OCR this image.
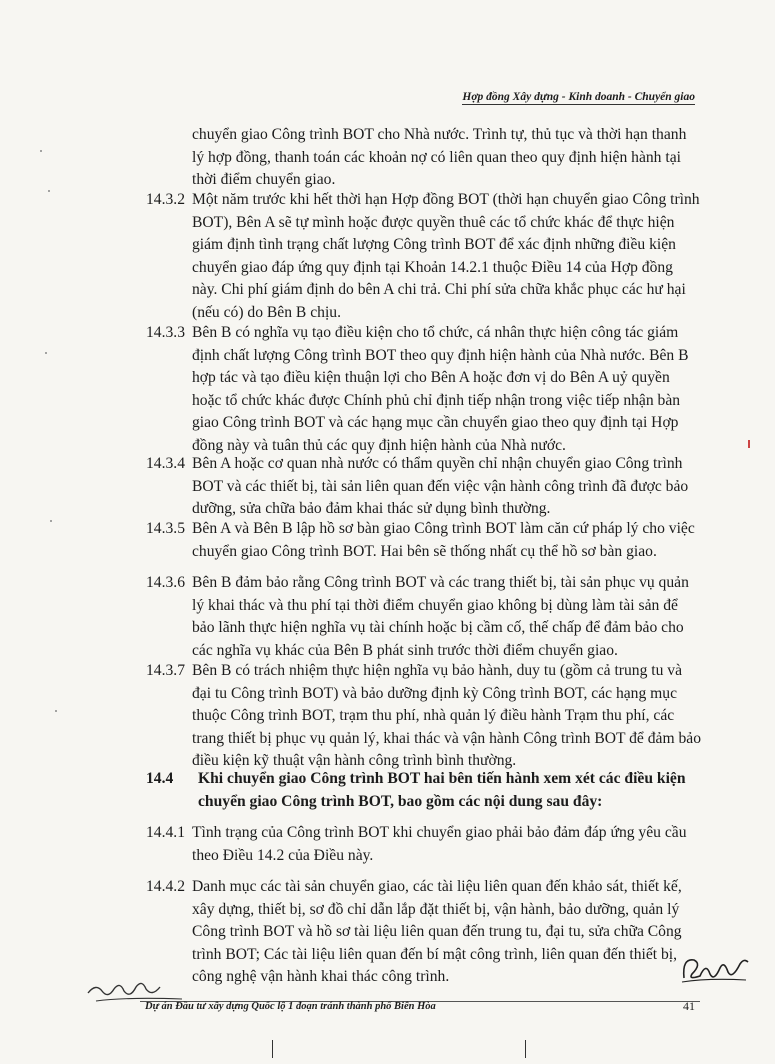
Hợp đồng Xây dựng - Kinh doanh - Chuyển giao
chuyển giao Công trình BOT cho Nhà nước. Trình tự, thủ tục và thời hạn thanh lý hợp đồng, thanh toán các khoản nợ có liên quan theo quy định hiện hành tại thời điểm chuyển giao.
14.3.2 Một năm trước khi hết thời hạn Hợp đồng BOT (thời hạn chuyển giao Công trình BOT), Bên A sẽ tự mình hoặc được quyền thuê các tổ chức khác để thực hiện giám định tình trạng chất lượng Công trình BOT để xác định những điều kiện chuyển giao đáp ứng quy định tại Khoản 14.2.1 thuộc Điều 14 của Hợp đồng này. Chi phí giám định do bên A chi trả. Chi phí sửa chữa khắc phục các hư hại (nếu có) do Bên B chịu.
14.3.3 Bên B có nghĩa vụ tạo điều kiện cho tổ chức, cá nhân thực hiện công tác giám định chất lượng Công trình BOT theo quy định hiện hành của Nhà nước. Bên B hợp tác và tạo điều kiện thuận lợi cho Bên A hoặc đơn vị do Bên A uỷ quyền hoặc tổ chức khác được Chính phủ chỉ định tiếp nhận trong việc tiếp nhận bàn giao Công trình BOT và các hạng mục cần chuyển giao theo quy định tại Hợp đồng này và tuân thủ các quy định hiện hành của Nhà nước.
14.3.4 Bên A hoặc cơ quan nhà nước có thẩm quyền chỉ nhận chuyển giao Công trình BOT và các thiết bị, tài sản liên quan đến việc vận hành công trình đã được bảo dưỡng, sửa chữa bảo đảm khai thác sử dụng bình thường.
14.3.5 Bên A và Bên B lập hồ sơ bàn giao Công trình BOT làm căn cứ pháp lý cho việc chuyển giao Công trình BOT. Hai bên sẽ thống nhất cụ thể hồ sơ bàn giao.
14.3.6 Bên B đảm bảo rằng Công trình BOT và các trang thiết bị, tài sản phục vụ quản lý khai thác và thu phí tại thời điểm chuyển giao không bị dùng làm tài sản để bảo lãnh thực hiện nghĩa vụ tài chính hoặc bị cầm cố, thế chấp để đảm bảo cho các nghĩa vụ khác của Bên B phát sinh trước thời điểm chuyển giao.
14.3.7 Bên B có trách nhiệm thực hiện nghĩa vụ bảo hành, duy tu (gồm cả trung tu và đại tu Công trình BOT) và bảo dưỡng định kỳ Công trình BOT, các hạng mục thuộc Công trình BOT, trạm thu phí, nhà quản lý điều hành Trạm thu phí, các trang thiết bị phục vụ quản lý, khai thác và vận hành Công trình BOT để đảm bảo điều kiện kỹ thuật vận hành công trình bình thường.
14.4 Khi chuyển giao Công trình BOT hai bên tiến hành xem xét các điều kiện chuyển giao Công trình BOT, bao gồm các nội dung sau đây:
14.4.1 Tình trạng của Công trình BOT khi chuyển giao phải bảo đảm đáp ứng yêu cầu theo Điều 14.2 của Điều này.
14.4.2 Danh mục các tài sản chuyển giao, các tài liệu liên quan đến khảo sát, thiết kế, xây dựng, thiết bị, sơ đồ chỉ dẫn lắp đặt thiết bị, vận hành, bảo dưỡng, quản lý Công trình BOT và hồ sơ tài liệu liên quan đến trung tu, đại tu, sửa chữa Công trình BOT; Các tài liệu liên quan đến bí mật công trình, liên quan đến thiết bị, công nghệ vận hành khai thác công trình.
Dự án Đầu tư xây dựng Quốc lộ 1 đoạn tránh thành phố Biên Hòa	41
